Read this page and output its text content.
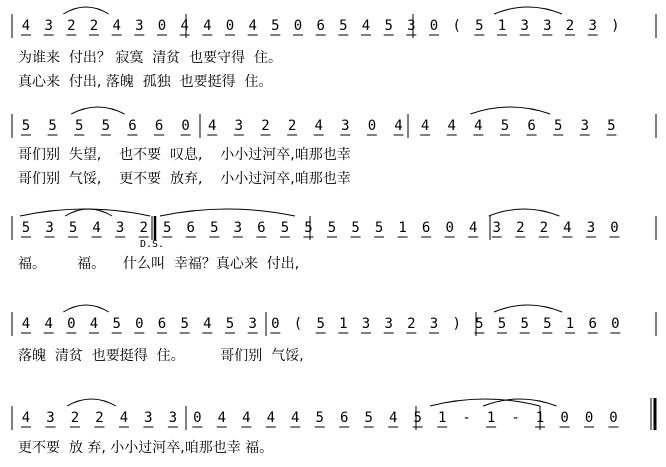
4 3 2 2 4 3 0 4 4 0 4 5 0 6 5 4 5 3 0 ( 5 1 3 3 2 3 )
5 5 5 5 6 6 0 4 3 2 2 4 3 0 4 4 4 4 5 6 5 3 5
5 3 5 4 3 2 5 6 5 3 6 5 5 5 5 5 1 6 0 4 3 2 2 4 3 0
4 4 0 4 5 0 6 5 4 5 3 0 ( 5 1 3 3 2 3 ) 5 5 5 5 1 6 0
4 3 2 2 4 3 3 0 4 4 4 4 5 6 5 4 5 1 - 1 - 1 0 0 0
为谁来  付出？ 寂寞  清贫  也要守得  住。
真心来  付出, 落魄  孤独  也要挺得  住。
哥们别  失望,    也不要  叹息,    小小过河卒,咱那也幸
哥们别  气馁,    更不要  放弃,    小小过河卒,咱那也幸
福。       福。    什么叫  幸福？真心来  付出,
落魄  清贫  也要挺得  住。        哥们别  气馁,
更不要  放 弃, 小小过河卒,咱那也幸 福。
D.S.
